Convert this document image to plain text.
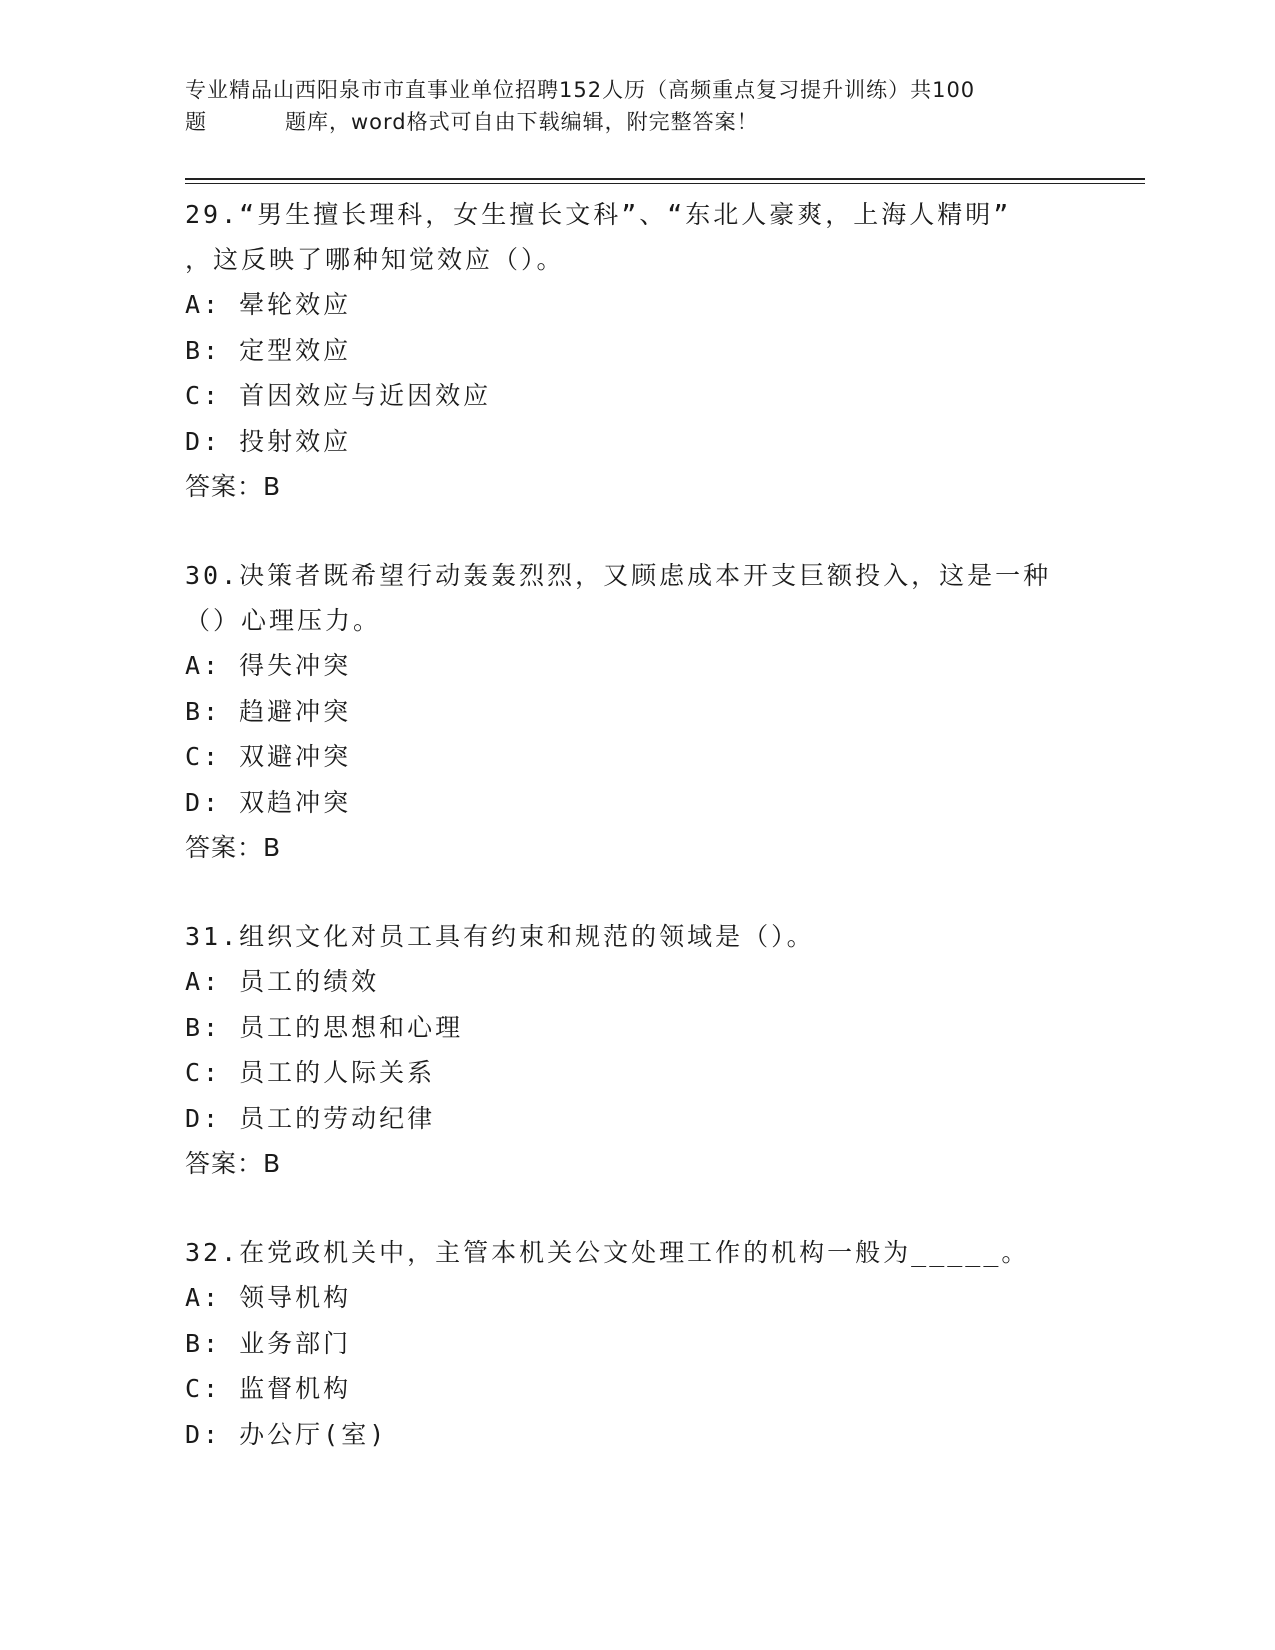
专业精品山西阳泉市市直事业单位招聘152人历（高频重点复习提升训练）共100
题	题库，word格式可自由下载编辑，附完整答案！

29.“男生擅长理科，女生擅长文科”、“东北人豪爽，上海人精明”

，这反映了哪种知觉效应（）。

A: 晕轮效应

B: 定型效应

C: 首因效应与近因效应

D: 投射效应

答案：B

30.决策者既希望行动轰轰烈烈，又顾虑成本开支巨额投入，这是一种

（）心理压力。

A: 得失冲突

B: 趋避冲突

C: 双避冲突

D: 双趋冲突

答案：B

31.组织文化对员工具有约束和规范的领域是（）。

A: 员工的绩效

B: 员工的思想和心理

C: 员工的人际关系

D: 员工的劳动纪律

答案：B

32.在党政机关中，主管本机关公文处理工作的机构一般为_____。

A: 领导机构

B: 业务部门

C: 监督机构

D: 办公厅(室)
